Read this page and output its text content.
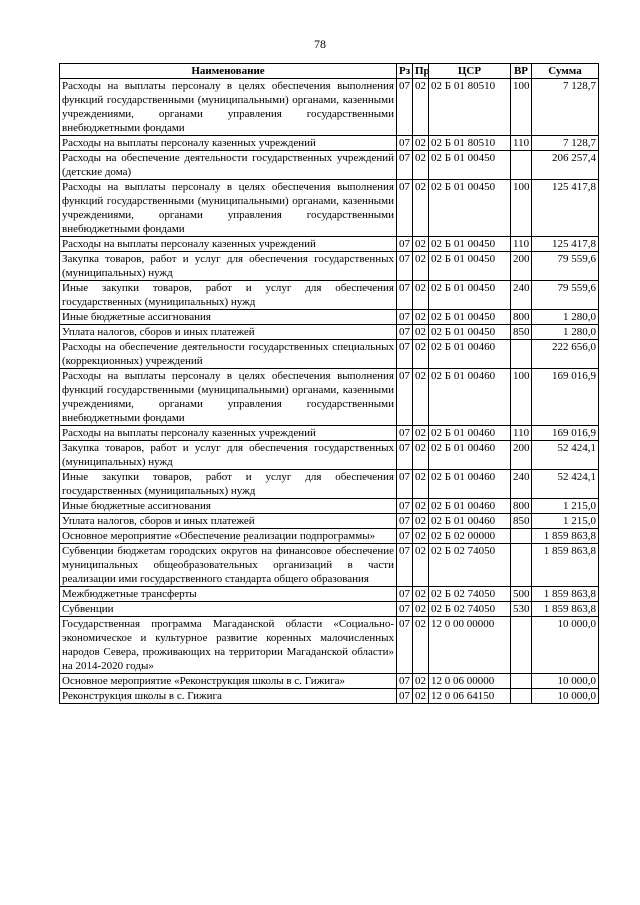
78
Наименование	Рз	Пр	ЦСР	ВР	Сумма
Расходы на выплаты персоналу в целях обеспечения выполнения функций государственными (муниципальными) органами, казенными учреждениями, органами управления государственными внебюджетными фондами	07	02	02 Б 01 80510	100	7 128,7
Расходы на выплаты персоналу казенных учреждений	07	02	02 Б 01 80510	110	7 128,7
Расходы на обеспечение деятельности государственных учреждений (детские дома)	07	02	02 Б 01 00450		206 257,4
Расходы на выплаты персоналу в целях обеспечения выполнения функций государственными (муниципальными) органами, казенными учреждениями, органами управления государственными внебюджетными фондами	07	02	02 Б 01 00450	100	125 417,8
Расходы на выплаты персоналу казенных учреждений	07	02	02 Б 01 00450	110	125 417,8
Закупка товаров, работ и услуг для обеспечения государственных (муниципальных) нужд	07	02	02 Б 01 00450	200	79 559,6
Иные закупки товаров, работ и услуг для обеспечения государственных (муниципальных) нужд	07	02	02 Б 01 00450	240	79 559,6
Иные бюджетные ассигнования	07	02	02 Б 01 00450	800	1 280,0
Уплата налогов, сборов и иных платежей	07	02	02 Б 01 00450	850	1 280,0
Расходы на обеспечение деятельности государственных специальных (коррекционных) учреждений	07	02	02 Б 01 00460		222 656,0
Расходы на выплаты персоналу в целях обеспечения выполнения функций государственными (муниципальными) органами, казенными учреждениями, органами управления государственными внебюджетными фондами	07	02	02 Б 01 00460	100	169 016,9
Расходы на выплаты персоналу казенных учреждений	07	02	02 Б 01 00460	110	169 016,9
Закупка товаров, работ и услуг для обеспечения государственных (муниципальных) нужд	07	02	02 Б 01 00460	200	52 424,1
Иные закупки товаров, работ и услуг для обеспечения государственных (муниципальных) нужд	07	02	02 Б 01 00460	240	52 424,1
Иные бюджетные ассигнования	07	02	02 Б 01 00460	800	1 215,0
Уплата налогов, сборов и иных платежей	07	02	02 Б 01 00460	850	1 215,0
Основное мероприятие «Обеспечение реализации подпрограммы»	07	02	02 Б 02 00000		1 859 863,8
Субвенции бюджетам городских округов на финансовое обеспечение муниципальных общеобразовательных организаций в части реализации ими государственного стандарта общего образования	07	02	02 Б 02 74050		1 859 863,8
Межбюджетные трансферты	07	02	02 Б 02 74050	500	1 859 863,8
Субвенции	07	02	02 Б 02 74050	530	1 859 863,8
Государственная программа Магаданской области «Социально-экономическое и культурное развитие коренных малочисленных народов Севера, проживающих на территории Магаданской области» на 2014-2020 годы»	07	02	12 0 00 00000		10 000,0
Основное мероприятие «Реконструкция школы в с. Гижига»	07	02	12 0 06 00000		10 000,0
Реконструкция школы в с. Гижига	07	02	12 0 06 64150		10 000,0
